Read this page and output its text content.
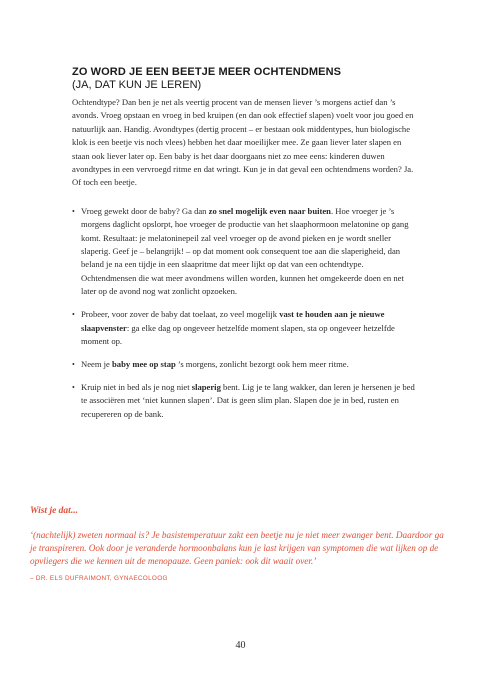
ZO WORD JE EEN BEETJE MEER OCHTENDMENS
(JA, DAT KUN JE LEREN)

Ochtendtype? Dan ben je net als veertig procent van de mensen liever ’s morgens actief dan ’s avonds. Vroeg opstaan en vroeg in bed kruipen (en dan ook effectief slapen) voelt voor jou goed en natuurlijk aan. Handig. Avondtypes (dertig procent – er bestaan ook middentypes, hun biologische klok is een beetje vis noch vlees) hebben het daar moeilijker mee. Ze gaan liever later slapen en staan ook liever later op. Een baby is het daar doorgaans niet zo mee eens: kinderen duwen avondtypes in een vervroegd ritme en dat wringt. Kun je in dat geval een ochtendmens worden? Ja. Of toch een beetje.

• Vroeg gewekt door de baby? Ga dan zo snel mogelijk even naar buiten. Hoe vroeger je ’s morgens daglicht opslorpt, hoe vroeger de productie van het slaaphormoon melatonine op gang komt. Resultaat: je melatoninepeil zal veel vroeger op de avond pieken en je wordt sneller slaperig. Geef je – belangrijk! – op dat moment ook consequent toe aan die slaperigheid, dan beland je na een tijdje in een slaapritme dat meer lijkt op dat van een ochtendtype. Ochtendmensen die wat meer avondmens willen worden, kunnen het omgekeerde doen en net later op de avond nog wat zonlicht opzoeken.
• Probeer, voor zover de baby dat toelaat, zo veel mogelijk vast te houden aan je nieuwe slaapvenster: ga elke dag op ongeveer hetzelfde moment slapen, sta op ongeveer hetzelfde moment op.
• Neem je baby mee op stap ’s morgens, zonlicht bezorgt ook hem meer ritme.
• Kruip niet in bed als je nog niet slaperig bent. Lig je te lang wakker, dan leren je hersenen je bed te associëren met ‘niet kunnen slapen’. Dat is geen slim plan. Slapen doe je in bed, rusten en recupereren op de bank.

Wist je dat...

‘(nachtelijk) zweten normaal is? Je basistemperatuur zakt een beetje nu je niet meer zwanger bent. Daardoor ga je transpireren. Ook door je veranderde hormoonbalans kun je last krijgen van symptomen die wat lijken op de opvliegers die we kennen uit de menopauze. Geen paniek: ook dit waait over.’

– DR. ELS DUFRAIMONT, GYNAECOLOOG

40
